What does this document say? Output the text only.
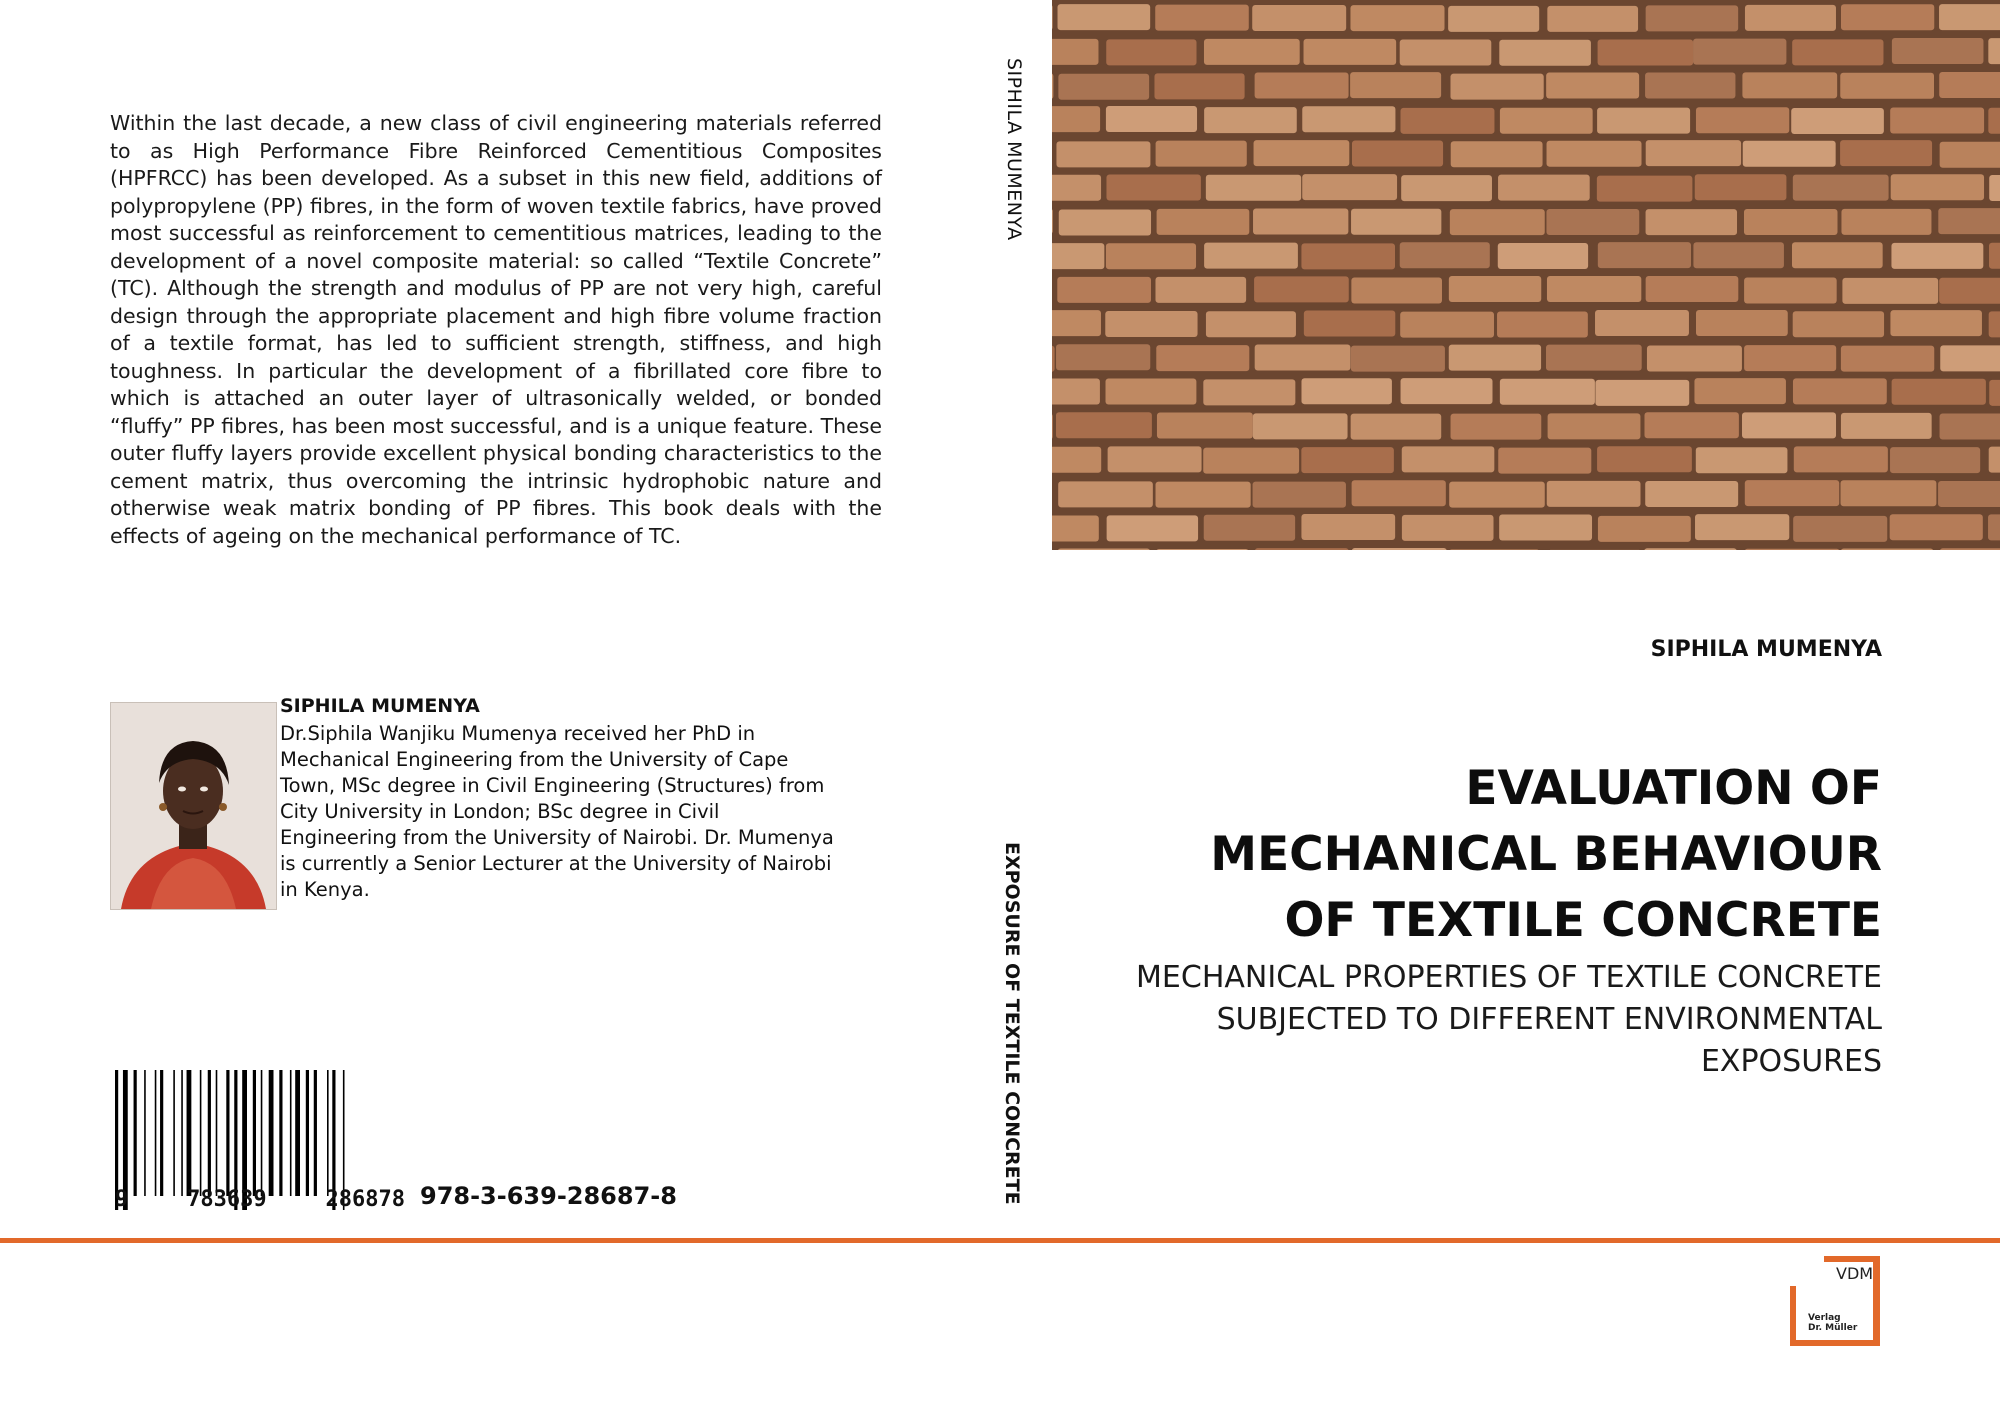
Within the last decade, a new class of civil engineering materials referred to as High Performance Fibre Reinforced Cementitious Composites (HPFRCC) has been developed. As a subset in this new field, additions of polypropylene (PP) fibres, in the form of woven textile fabrics, have proved most successful as reinforcement to cementitious matrices, leading to the development of a novel composite material: so called “Textile Concrete” (TC). Although the strength and modulus of PP are not very high, careful design through the appropriate placement and high fibre volume fraction of a textile format, has led to sufficient strength, stiffness, and high toughness. In particular the development of a fibrillated core fibre to which is attached an outer layer of ultrasonically welded, or bonded “fluffy” PP fibres, has been most successful, and is a unique feature. These outer fluffy layers provide excellent physical bonding characteristics to the cement matrix, thus overcoming the intrinsic hydrophobic nature and otherwise weak matrix bonding of PP fibres. This book deals with the effects of ageing on the mechanical performance of TC.
SIPHILA MUMENYA
Dr.Siphila Wanjiku Mumenya received her PhD in Mechanical Engineering from the University of Cape Town, MSc degree in Civil Engineering (Structures) from City University in London; BSc degree in Civil Engineering from the University of Nairobi. Dr. Mumenya is currently a Senior Lecturer at the University of Nairobi in Kenya.
9	783639	286878 978-3-639-28687-8
SIPHILA MUMENYA
EXPOSURE OF TEXTILE CONCRETE
SIPHILA MUMENYA
EVALUATION OF
MECHANICAL BEHAVIOUR
OF TEXTILE CONCRETE
MECHANICAL PROPERTIES OF TEXTILE CONCRETE
SUBJECTED TO DIFFERENT ENVIRONMENTAL
EXPOSURES
VDM
Verlag
Dr. Müller
